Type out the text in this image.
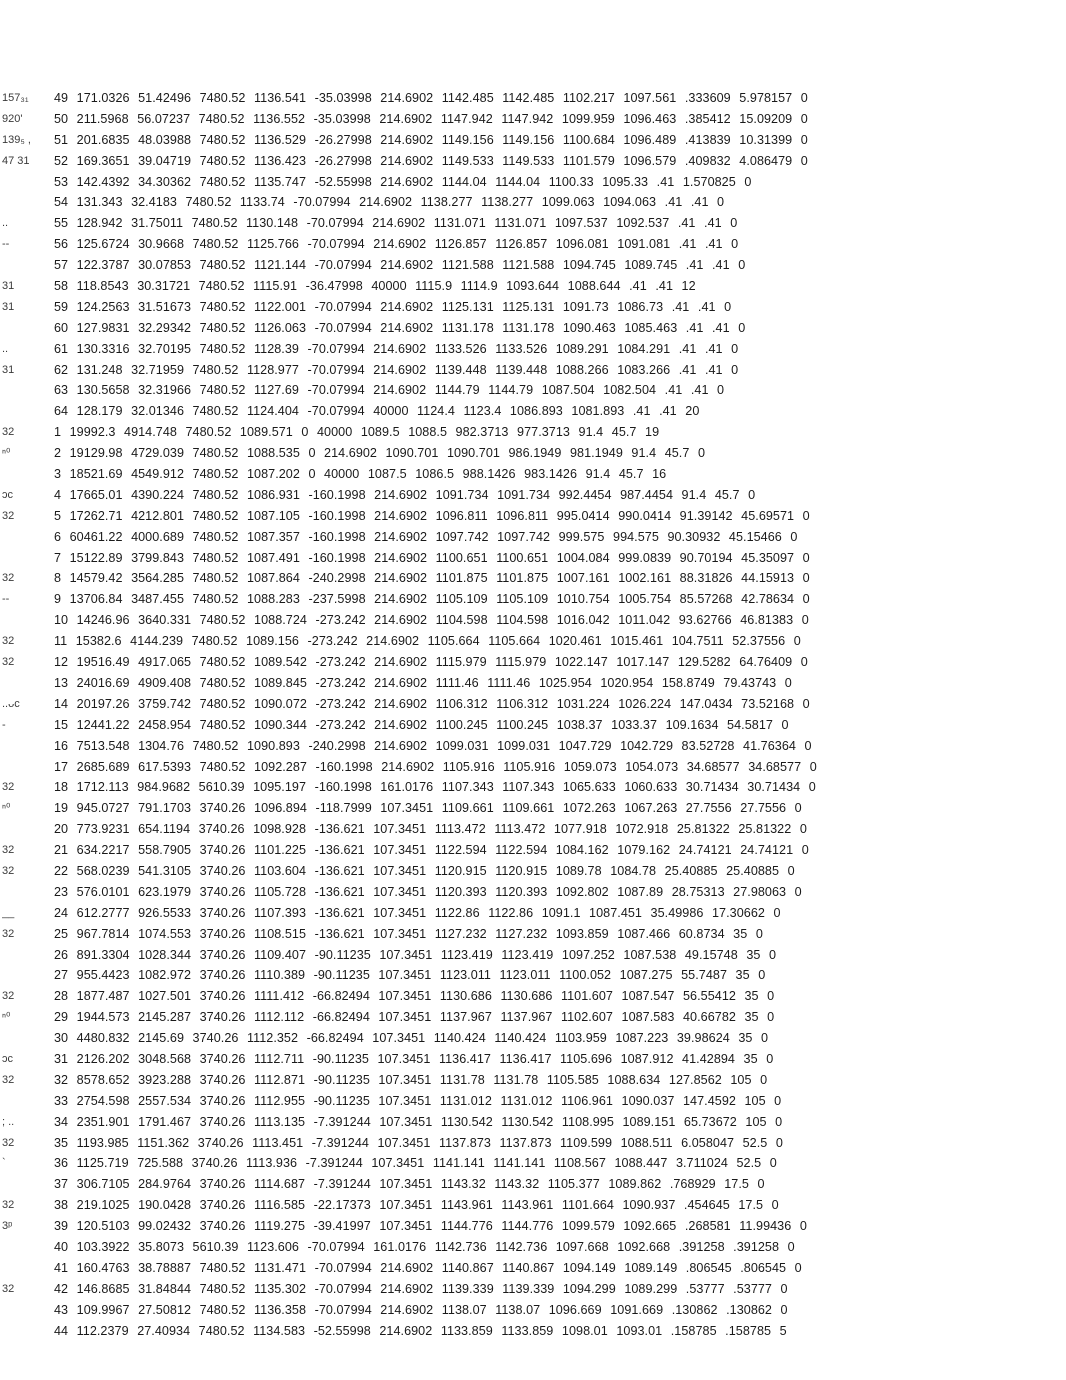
157₃₁	49 171.0326 51.42496 7480.52 1136.541 -35.03998 214.6902 1142.485 1142.485 1102.217 1097.561 .333609 5.978157 0
920'	50 211.5968 56.07237 7480.52 1136.552 -35.03998 214.6902 1147.942 1147.942 1099.959 1096.463 .385412 15.09209 0
139₅ ,	51 201.6835 48.03988 7480.52 1136.529 -26.27998 214.6902 1149.156 1149.156 1100.684 1096.489 .413839 10.31399 0
47 31	52 169.3651 39.04719 7480.52 1136.423 -26.27998 214.6902 1149.533 1149.533 1101.579 1096.579 .409832 4.086479 0
53 142.4392 34.30362 7480.52 1135.747 -52.55998 214.6902 1144.04 1144.04 1100.33 1095.33 .41 1.570825 0
54 131.343 32.4183 7480.52 1133.74 -70.07994 214.6902 1138.277 1138.277 1099.063 1094.063 .41 .41 0
..	55 128.942 31.75011 7480.52 1130.148 -70.07994 214.6902 1131.071 1131.071 1097.537 1092.537 .41 .41 0
--	56 125.6724 30.9668 7480.52 1125.766 -70.07994 214.6902 1126.857 1126.857 1096.081 1091.081 .41 .41 0
57 122.3787 30.07853 7480.52 1121.144 -70.07994 214.6902 1121.588 1121.588 1094.745 1089.745 .41 .41 0
31	58 118.8543 30.31721 7480.52 1115.91 -36.47998 40000 1115.9 1114.9 1093.644 1088.644 .41 .41 12
31	59 124.2563 31.51673 7480.52 1122.001 -70.07994 214.6902 1125.131 1125.131 1091.73 1086.73 .41 .41 0
60 127.9831 32.29342 7480.52 1126.063 -70.07994 214.6902 1131.178 1131.178 1090.463 1085.463 .41 .41 0
..	61 130.3316 32.70195 7480.52 1128.39 -70.07994 214.6902 1133.526 1133.526 1089.291 1084.291 .41 .41 0
31	62 131.248 32.71959 7480.52 1128.977 -70.07994 214.6902 1139.448 1139.448 1088.266 1083.266 .41 .41 0
63 130.5658 32.31966 7480.52 1127.69 -70.07994 214.6902 1144.79 1144.79 1087.504 1082.504 .41 .41 0
64 128.179 32.01346 7480.52 1124.404 -70.07994 40000 1124.4 1123.4 1086.893 1081.893 .41 .41 20
32	1 19992.3 4914.748 7480.52 1089.571 0 40000 1089.5 1088.5 982.3713 977.3713 91.4 45.7 19
ⁿ⁰	2 19129.98 4729.039 7480.52 1088.535 0 214.6902 1090.701 1090.701 986.1949 981.1949 91.4 45.7 0
3 18521.69 4549.912 7480.52 1087.202 0 40000 1087.5 1086.5 988.1426 983.1426 91.4 45.7 16
ɔc	4 17665.01 4390.224 7480.52 1086.931 -160.1998 214.6902 1091.734 1091.734 992.4454 987.4454 91.4 45.7 0
32	5 17262.71 4212.801 7480.52 1087.105 -160.1998 214.6902 1096.811 1096.811 995.0414 990.0414 91.39142 45.69571 0
6 60461.22 4000.689 7480.52 1087.357 -160.1998 214.6902 1097.742 1097.742 999.575 994.575 90.30932 45.15466 0
7 15122.89 3799.843 7480.52 1087.491 -160.1998 214.6902 1100.651 1100.651 1004.084 999.0839 90.70194 45.35097 0
32	8 14579.42 3564.285 7480.52 1087.864 -240.2998 214.6902 1101.875 1101.875 1007.161 1002.161 88.31826 44.15913 0
--	9 13706.84 3487.455 7480.52 1088.283 -237.5998 214.6902 1105.109 1105.109 1010.754 1005.754 85.57268 42.78634 0
10 14246.96 3640.331 7480.52 1088.724 -273.242 214.6902 1104.598 1104.598 1016.042 1011.042 93.62766 46.81383 0
32	11 15382.6 4144.239 7480.52 1089.156 -273.242 214.6902 1105.664 1105.664 1020.461 1015.461 104.7511 52.37556 0
32	12 19516.49 4917.065 7480.52 1089.542 -273.242 214.6902 1115.979 1115.979 1022.147 1017.147 129.5282 64.76409 0
13 24016.69 4909.408 7480.52 1089.845 -273.242 214.6902 1111.46 1111.46 1025.954 1020.954 158.8749 79.43743 0
..ᴗᴄ	14 20197.26 3759.742 7480.52 1090.072 -273.242 214.6902 1106.312 1106.312 1031.224 1026.224 147.0434 73.52168 0
-	15 12441.22 2458.954 7480.52 1090.344 -273.242 214.6902 1100.245 1100.245 1038.37 1033.37 109.1634 54.5817 0
16 7513.548 1304.76 7480.52 1090.893 -240.2998 214.6902 1099.031 1099.031 1047.729 1042.729 83.52728 41.76364 0
17 2685.689 617.5393 7480.52 1092.287 -160.1998 214.6902 1105.916 1105.916 1059.073 1054.073 34.68577 34.68577 0
32	18 1712.113 984.9682 5610.39 1095.197 -160.1998 161.0176 1107.343 1107.343 1065.633 1060.633 30.71434 30.71434 0
ⁿ⁰	19 945.0727 791.1703 3740.26 1096.894 -118.7999 107.3451 1109.661 1109.661 1072.263 1067.263 27.7556 27.7556 0
20 773.9231 654.1194 3740.26 1098.928 -136.621 107.3451 1113.472 1113.472 1077.918 1072.918 25.81322 25.81322 0
32	21 634.2217 558.7905 3740.26 1101.225 -136.621 107.3451 1122.594 1122.594 1084.162 1079.162 24.74121 24.74121 0
32	22 568.0239 541.3105 3740.26 1103.604 -136.621 107.3451 1120.915 1120.915 1089.78 1084.78 25.40885 25.40885 0
23 576.0101 623.1979 3740.26 1105.728 -136.621 107.3451 1120.393 1120.393 1092.802 1087.89 28.75313 27.98063 0
__	24 612.2777 926.5533 3740.26 1107.393 -136.621 107.3451 1122.86 1122.86 1091.1 1087.451 35.49986 17.30662 0
32	25 967.7814 1074.553 3740.26 1108.515 -136.621 107.3451 1127.232 1127.232 1093.859 1087.466 60.8734 35 0
26 891.3304 1028.344 3740.26 1109.407 -90.11235 107.3451 1123.419 1123.419 1097.252 1087.538 49.15748 35 0
27 955.4423 1082.972 3740.26 1110.389 -90.11235 107.3451 1123.011 1123.011 1100.052 1087.275 55.7487 35 0
32	28 1877.487 1027.501 3740.26 1111.412 -66.82494 107.3451 1130.686 1130.686 1101.607 1087.547 56.55412 35 0
ⁿ⁰	29 1944.573 2145.287 3740.26 1112.112 -66.82494 107.3451 1137.967 1137.967 1102.607 1087.583 40.66782 35 0
30 4480.832 2145.69 3740.26 1112.352 -66.82494 107.3451 1140.424 1140.424 1103.959 1087.223 39.98624 35 0
ɔc	31 2126.202 3048.568 3740.26 1112.711 -90.11235 107.3451 1136.417 1136.417 1105.696 1087.912 41.42894 35 0
32	32 8578.652 3923.288 3740.26 1112.871 -90.11235 107.3451 1131.78 1131.78 1105.585 1088.634 127.8562 105 0
33 2754.598 2557.534 3740.26 1112.955 -90.11235 107.3451 1131.012 1131.012 1106.961 1090.037 147.4592 105 0
; ..	34 2351.901 1791.467 3740.26 1113.135 -7.391244 107.3451 1130.542 1130.542 1108.995 1089.151 65.73672 105 0
32	35 1193.985 1151.362 3740.26 1113.451 -7.391244 107.3451 1137.873 1137.873 1109.599 1088.511 6.058047 52.5 0
`	36 1125.719 725.588 3740.26 1113.936 -7.391244 107.3451 1141.141 1141.141 1108.567 1088.447 3.711024 52.5 0
37 306.7105 284.9764 3740.26 1114.687 -7.391244 107.3451 1143.32 1143.32 1105.377 1089.862 .768929 17.5 0
32	38 219.1025 190.0428 3740.26 1116.585 -22.17373 107.3451 1143.961 1143.961 1101.664 1090.937 .454645 17.5 0
3ᵖ	39 120.5103 99.02432 3740.26 1119.275 -39.41997 107.3451 1144.776 1144.776 1099.579 1092.665 .268581 11.99436 0
40 103.3922 35.8073 5610.39 1123.606 -70.07994 161.0176 1142.736 1142.736 1097.668 1092.668 .391258 .391258 0
41 160.4763 38.78887 7480.52 1131.471 -70.07994 214.6902 1140.867 1140.867 1094.149 1089.149 .806545 .806545 0
32	42 146.8685 31.84844 7480.52 1135.302 -70.07994 214.6902 1139.339 1139.339 1094.299 1089.299 .53777 .53777 0
43 109.9967 27.50812 7480.52 1136.358 -70.07994 214.6902 1138.07 1138.07 1096.669 1091.669 .130862 .130862 0
44 112.2379 27.40934 7480.52 1134.583 -52.55998 214.6902 1133.859 1133.859 1098.01 1093.01 .158785 .158785 5
